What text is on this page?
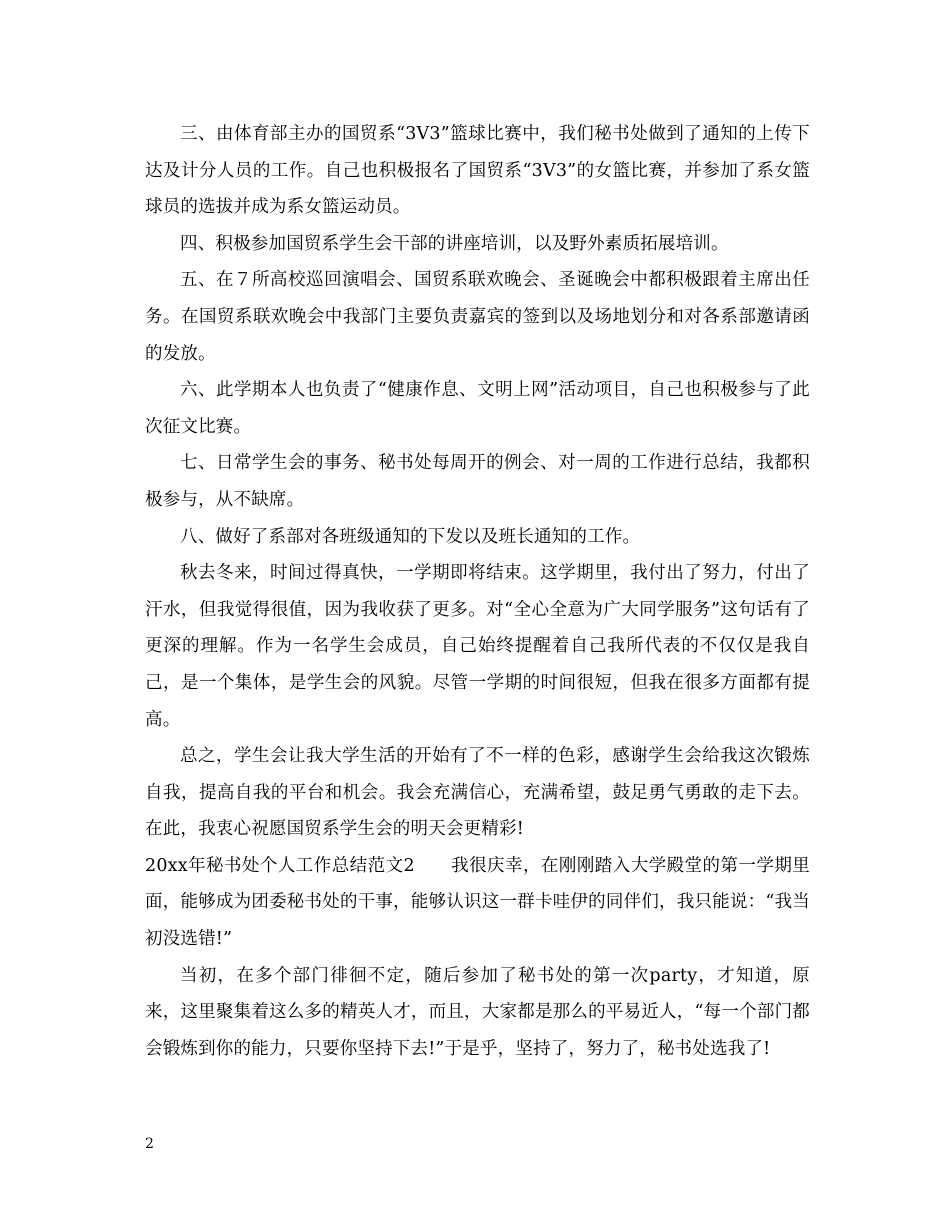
三、由体育部主办的国贸系“3V3”篮球比赛中，我们秘书处做到了通知的上传下达及计分人员的工作。自己也积极报名了国贸系“3V3”的女篮比赛，并参加了系女篮球员的选拔并成为系女篮运动员。

四、积极参加国贸系学生会干部的讲座培训，以及野外素质拓展培训。

五、在７所高校巡回演唱会、国贸系联欢晚会、圣诞晚会中都积极跟着主席出任务。在国贸系联欢晚会中我部门主要负责嘉宾的签到以及场地划分和对各系部邀请函的发放。

六、此学期本人也负责了“健康作息、文明上网”活动项目，自己也积极参与了此次征文比赛。

七、日常学生会的事务、秘书处每周开的例会、对一周的工作进行总结，我都积极参与，从不缺席。

八、做好了系部对各班级通知的下发以及班长通知的工作。

秋去冬来，时间过得真快，一学期即将结束。这学期里，我付出了努力，付出了汗水，但我觉得很值，因为我收获了更多。对“全心全意为广大同学服务”这句话有了更深的理解。作为一名学生会成员，自己始终提醒着自己我所代表的不仅仅是我自己，是一个集体，是学生会的风貌。尽管一学期的时间很短，但我在很多方面都有提高。

总之，学生会让我大学生活的开始有了不一样的色彩，感谢学生会给我这次锻炼自我，提高自我的平台和机会。我会充满信心，充满希望，鼓足勇气勇敢的走下去。在此，我衷心祝愿国贸系学生会的明天会更精彩!

20xx年秘书处个人工作总结范文2 我很庆幸，在刚刚踏入大学殿堂的第一学期里面，能够成为团委秘书处的干事，能够认识这一群卡哇伊的同伴们，我只能说：“我当初没选错!”

当初，在多个部门徘徊不定，随后参加了秘书处的第一次party，才知道，原来，这里聚集着这么多的精英人才，而且，大家都是那么的平易近人，“每一个部门都会锻炼到你的能力，只要你坚持下去!”于是乎，坚持了，努力了，秘书处选我了!

2
